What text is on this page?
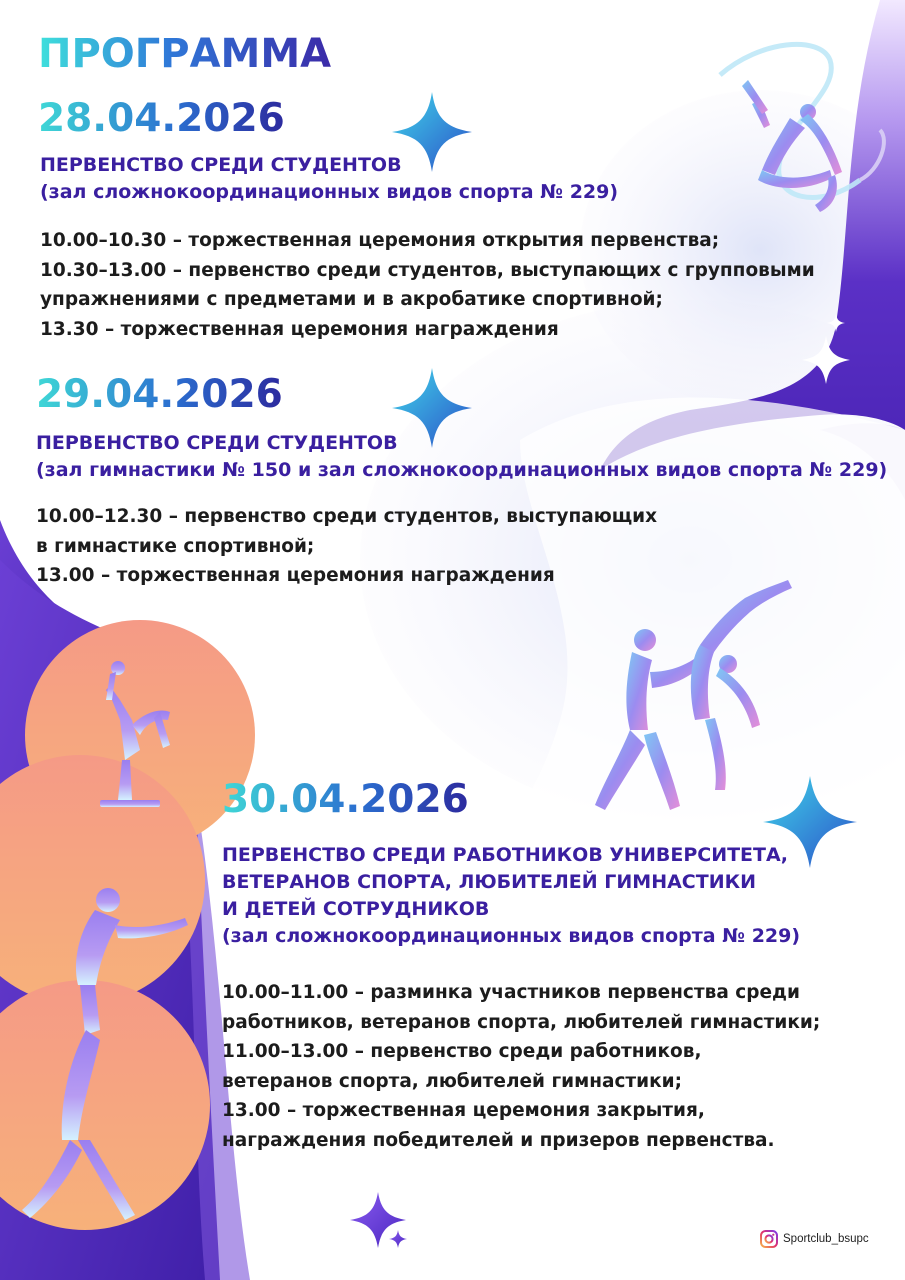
ПРОГРАММА
28.04.2026
ПЕРВЕНСТВО СРЕДИ СТУДЕНТОВ
(зал сложнокоординационных видов спорта № 229)
10.00–10.30 – торжественная церемония открытия первенства;
10.30–13.00 – первенство среди студентов, выступающих с групповыми
упражнениями с предметами и в акробатике спортивной;
13.30 – торжественная церемония награждения
29.04.2026
ПЕРВЕНСТВО СРЕДИ СТУДЕНТОВ
(зал гимнастики № 150 и зал сложнокоординационных видов спорта № 229)
10.00–12.30 – первенство среди студентов, выступающих
в гимнастике спортивной;
13.00 – торжественная церемония награждения
30.04.2026
ПЕРВЕНСТВО СРЕДИ РАБОТНИКОВ УНИВЕРСИТЕТА,
ВЕТЕРАНОВ СПОРТА, ЛЮБИТЕЛЕЙ ГИМНАСТИКИ
И ДЕТЕЙ СОТРУДНИКОВ
(зал сложнокоординационных видов спорта № 229)
10.00–11.00 – разминка участников первенства среди
работников, ветеранов спорта, любителей гимнастики;
11.00–13.00 – первенство среди работников,
ветеранов спорта, любителей гимнастики;
13.00 – торжественная церемония закрытия,
награждения победителей и призеров первенства.
Sportclub_bsupc
